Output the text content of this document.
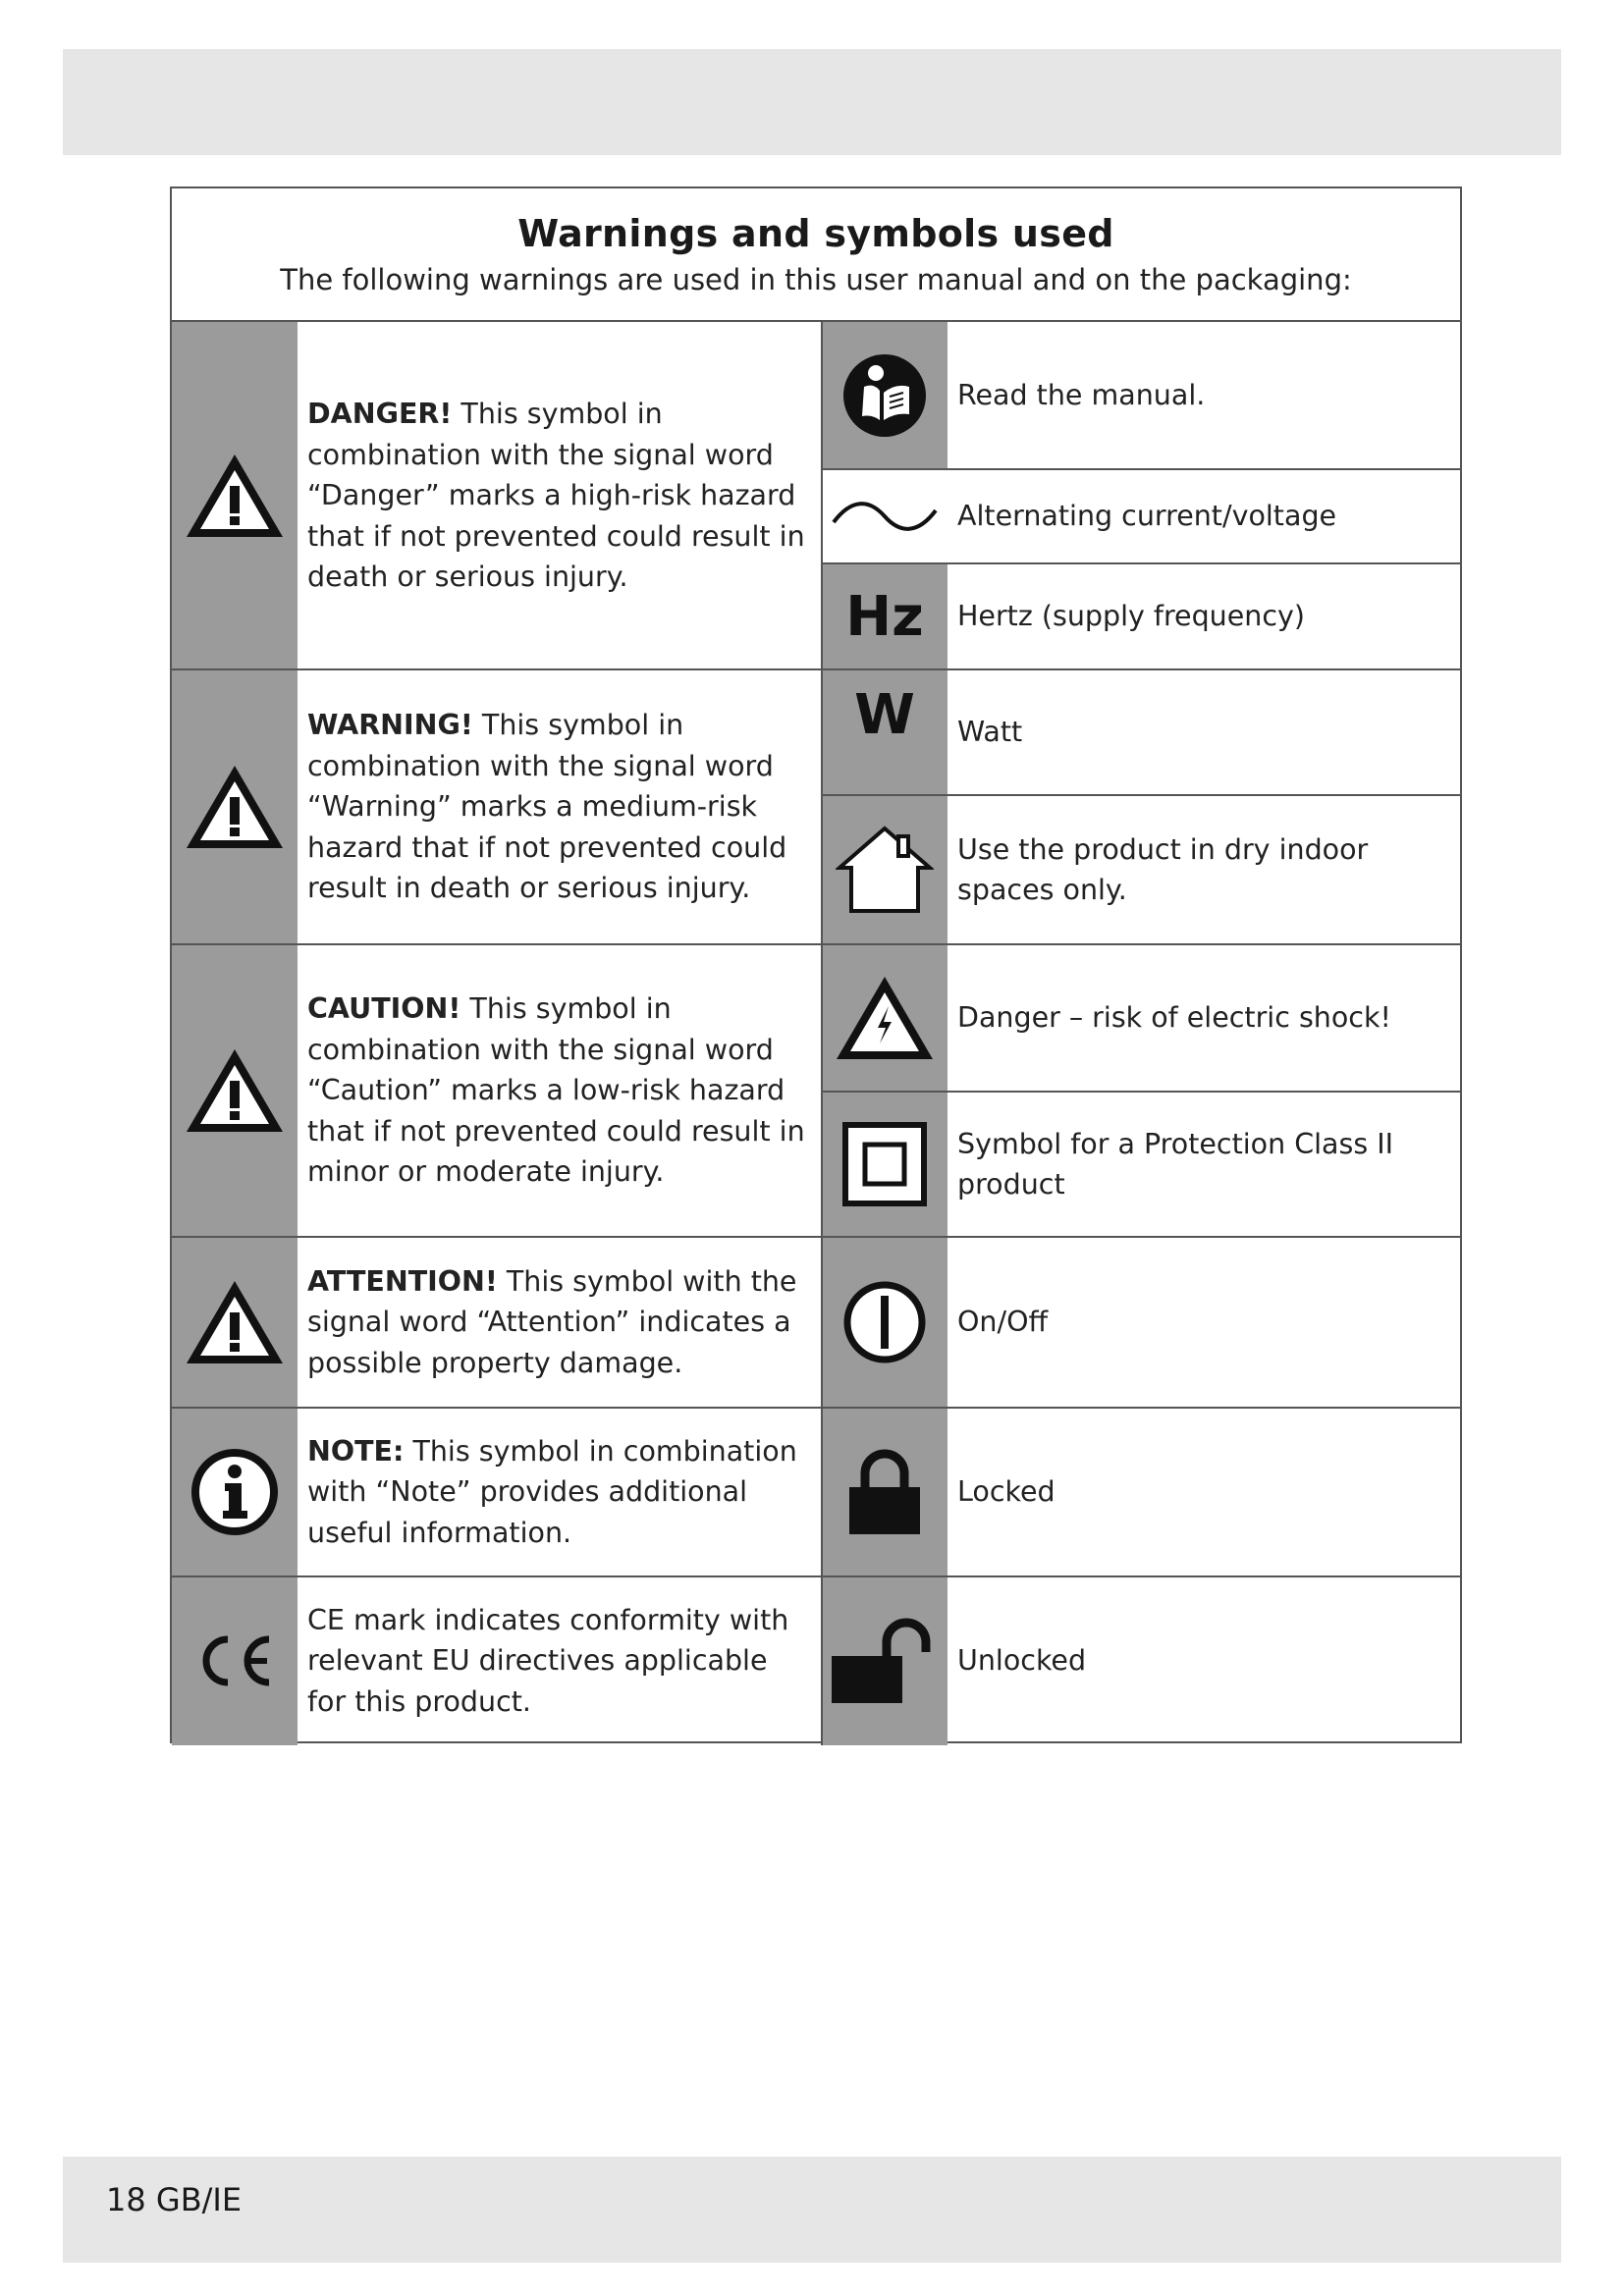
Warnings and symbols used
The following warnings are used in this user manual and on the packaging:
DANGER! This symbol in combination with the signal word “Danger” marks a high-risk hazard that if not prevented could result in death or serious injury.
WARNING! This symbol in combination with the signal word “Warning” marks a medium-risk hazard that if not prevented could result in death or serious injury.
CAUTION! This symbol in combination with the signal word “Caution” marks a low-risk hazard that if not prevented could result in minor or moderate injury.
ATTENTION! This symbol with the signal word “Attention” indicates a possible property damage.
NOTE: This symbol in combination with “Note” provides additional useful information.
CE mark indicates conformity with relevant EU directives applicable for this product.
Read the manual.
Alternating current/voltage
Hz	Hertz (supply frequency)
W	Watt
Use the product in dry indoor spaces only.
Danger – risk of electric shock!
Symbol for a Protection Class II product
On/Off
Locked
Unlocked
18 GB/IE
